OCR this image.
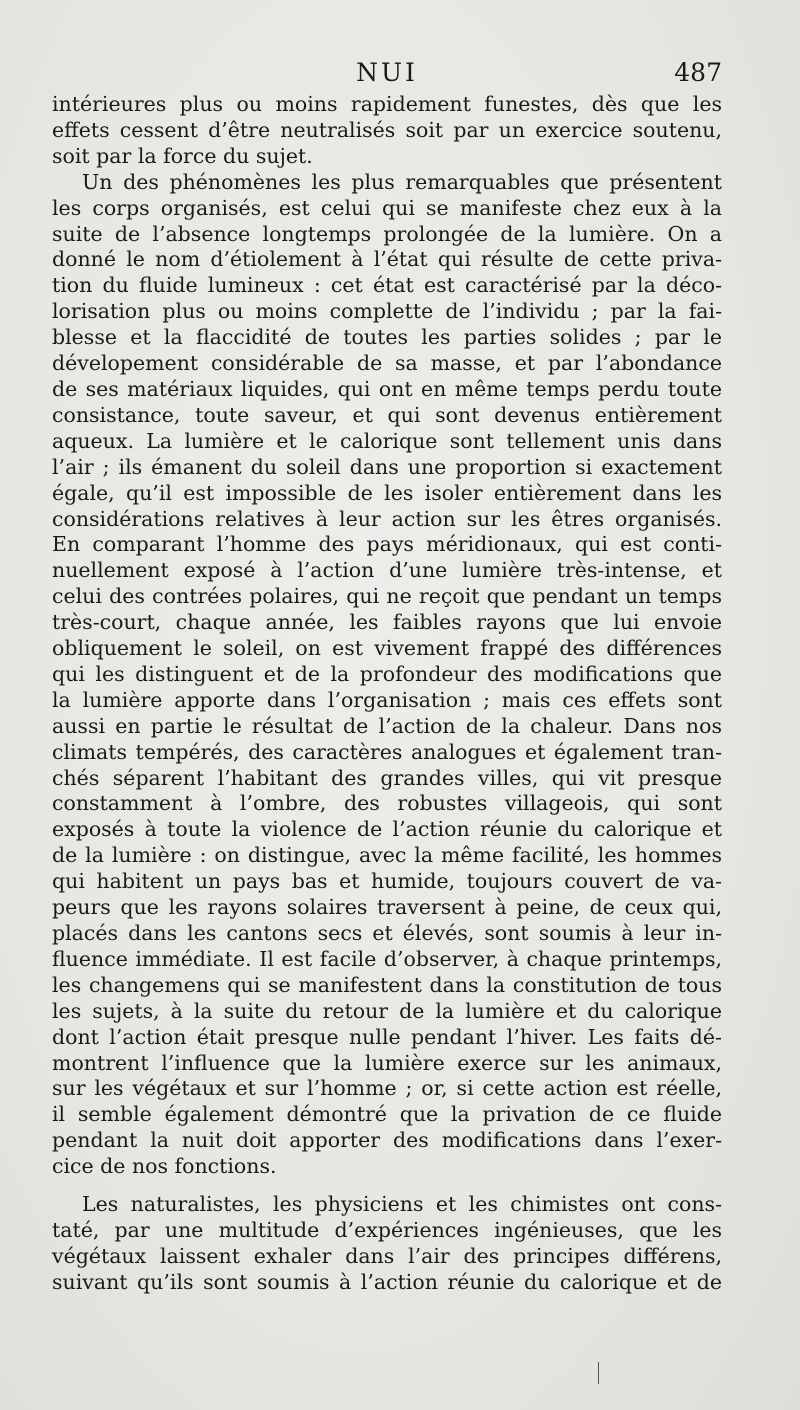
NUI	487
intérieures plus ou moins rapidement funestes, dès que les
effets cessent d’être neutralisés soit par un exercice soutenu,
soit par la force du sujet.
Un des phénomènes les plus remarquables que présentent
les corps organisés, est celui qui se manifeste chez eux à la
suite de l’absence longtemps prolongée de la lumière. On a
donné le nom d’étiolement à l’état qui résulte de cette priva-
tion du fluide lumineux : cet état est caractérisé par la déco-
lorisation plus ou moins complette de l’individu ; par la fai-
blesse et la flaccidité de toutes les parties solides ; par le
dévelopement considérable de sa masse, et par l’abondance
de ses matériaux liquides, qui ont en même temps perdu toute
consistance, toute saveur, et qui sont devenus entièrement
aqueux. La lumière et le calorique sont tellement unis dans
l’air ; ils émanent du soleil dans une proportion si exactement
égale, qu’il est impossible de les isoler entièrement dans les
considérations relatives à leur action sur les êtres organisés.
En comparant l’homme des pays méridionaux, qui est conti-
nuellement exposé à l’action d’une lumière très-intense, et
celui des contrées polaires, qui ne reçoit que pendant un temps
très-court, chaque année, les faibles rayons que lui envoie
obliquement le soleil, on est vivement frappé des différences
qui les distinguent et de la profondeur des modifications que
la lumière apporte dans l’organisation ; mais ces effets sont
aussi en partie le résultat de l’action de la chaleur. Dans nos
climats tempérés, des caractères analogues et également tran-
chés séparent l’habitant des grandes villes, qui vit presque
constamment à l’ombre, des robustes villageois, qui sont
exposés à toute la violence de l’action réunie du calorique et
de la lumière : on distingue, avec la même facilité, les hommes
qui habitent un pays bas et humide, toujours couvert de va-
peurs que les rayons solaires traversent à peine, de ceux qui,
placés dans les cantons secs et élevés, sont soumis à leur in-
fluence immédiate. Il est facile d’observer, à chaque printemps,
les changemens qui se manifestent dans la constitution de tous
les sujets, à la suite du retour de la lumière et du calorique
dont l’action était presque nulle pendant l’hiver. Les faits dé-
montrent l’influence que la lumière exerce sur les animaux,
sur les végétaux et sur l’homme ; or, si cette action est réelle,
il semble également démontré que la privation de ce fluide
pendant la nuit doit apporter des modifications dans l’exer-
cice de nos fonctions.
Les naturalistes, les physiciens et les chimistes ont cons-
taté, par une multitude d’expériences ingénieuses, que les
végétaux laissent exhaler dans l’air des principes différens,
suivant qu’ils sont soumis à l’action réunie du calorique et de
